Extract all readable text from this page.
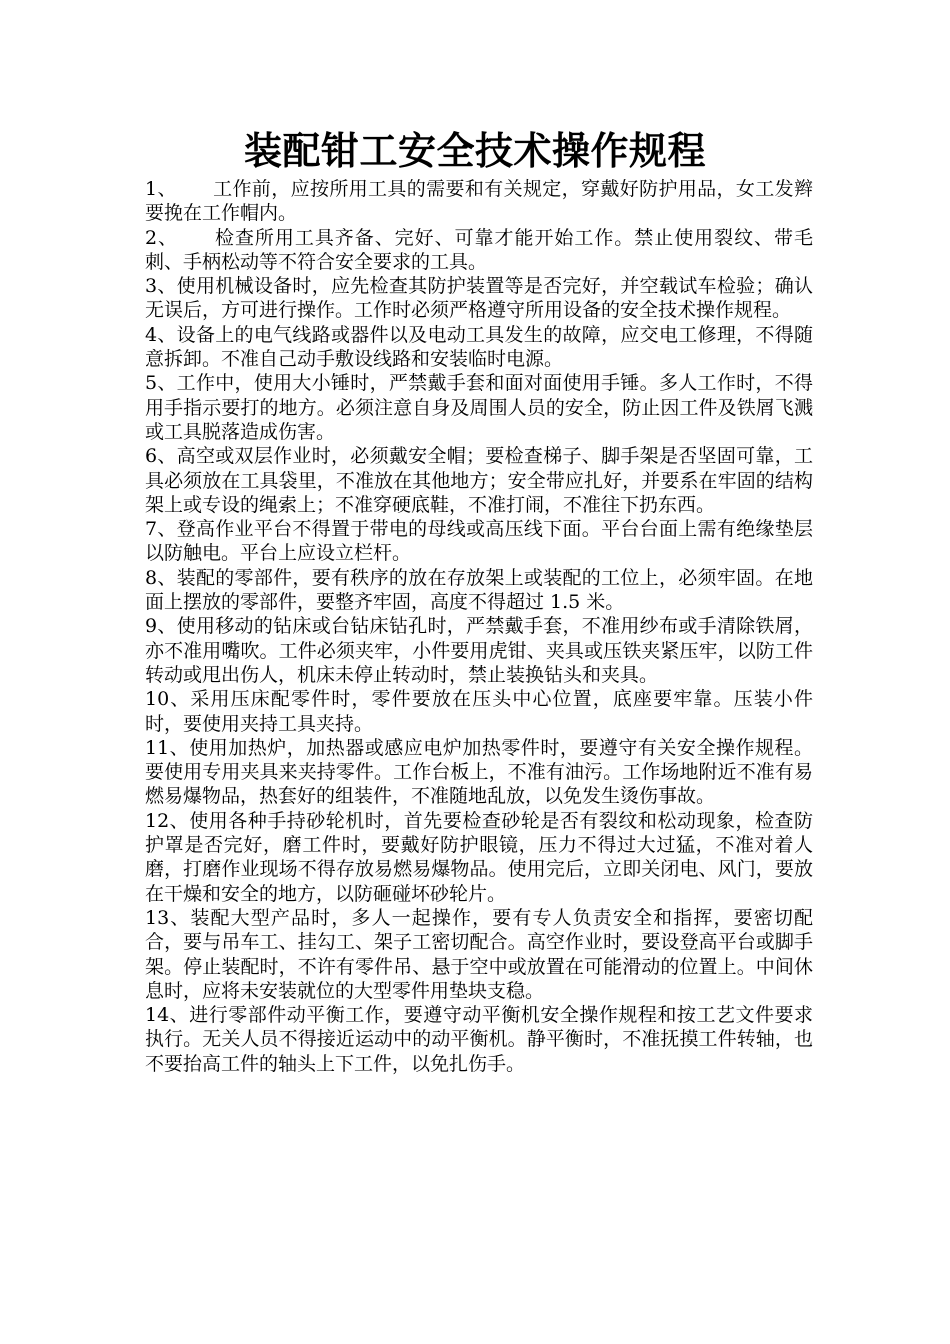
装配钳工安全技术操作规程

1、 工作前，应按所用工具的需要和有关规定，穿戴好防护用品，女工发辫要挽在工作帽内。

2、 检查所用工具齐备、完好、可靠才能开始工作。禁止使用裂纹、带毛刺、手柄松动等不符合安全要求的工具。

3、使用机械设备时，应先检查其防护装置等是否完好，并空载试车检验；确认无误后，方可进行操作。工作时必须严格遵守所用设备的安全技术操作规程。

4、设备上的电气线路或器件以及电动工具发生的故障，应交电工修理，不得随意拆卸。不准自己动手敷设线路和安装临时电源。

5、工作中，使用大小锤时，严禁戴手套和面对面使用手锤。多人工作时，不得用手指示要打的地方。必须注意自身及周围人员的安全，防止因工件及铁屑飞溅或工具脱落造成伤害。

6、高空或双层作业时，必须戴安全帽；要检查梯子、脚手架是否坚固可靠，工具必须放在工具袋里，不准放在其他地方；安全带应扎好，并要系在牢固的结构架上或专设的绳索上；不准穿硬底鞋，不准打闹，不准往下扔东西。

7、登高作业平台不得置于带电的母线或高压线下面。平台台面上需有绝缘垫层以防触电。平台上应设立栏杆。

8、装配的零部件，要有秩序的放在存放架上或装配的工位上，必须牢固。在地面上摆放的零部件，要整齐牢固，高度不得超过 1.5 米。

9、使用移动的钻床或台钻床钻孔时，严禁戴手套，不准用纱布或手清除铁屑，亦不准用嘴吹。工件必须夹牢，小件要用虎钳、夹具或压铁夹紧压牢，以防工件转动或甩出伤人，机床未停止转动时，禁止装换钻头和夹具。

10、采用压床配零件时，零件要放在压头中心位置，底座要牢靠。压装小件时，要使用夹持工具夹持。

11、使用加热炉，加热器或感应电炉加热零件时，要遵守有关安全操作规程。要使用专用夹具来夹持零件。工作台板上，不准有油污。工作场地附近不准有易燃易爆物品，热套好的组装件，不准随地乱放，以免发生烫伤事故。

12、使用各种手持砂轮机时，首先要检查砂轮是否有裂纹和松动现象，检查防护罩是否完好，磨工件时，要戴好防护眼镜，压力不得过大过猛，不准对着人磨，打磨作业现场不得存放易燃易爆物品。使用完后，立即关闭电、风门，要放在干燥和安全的地方，以防砸碰坏砂轮片。

13、装配大型产品时，多人一起操作，要有专人负责安全和指挥，要密切配合，要与吊车工、挂勾工、架子工密切配合。高空作业时，要设登高平台或脚手架。停止装配时，不许有零件吊、悬于空中或放置在可能滑动的位置上。中间休息时，应将未安装就位的大型零件用垫块支稳。

14、进行零部件动平衡工作，要遵守动平衡机安全操作规程和按工艺文件要求执行。无关人员不得接近运动中的动平衡机。静平衡时，不准抚摸工件转轴，也不要抬高工件的轴头上下工件，以免扎伤手。
